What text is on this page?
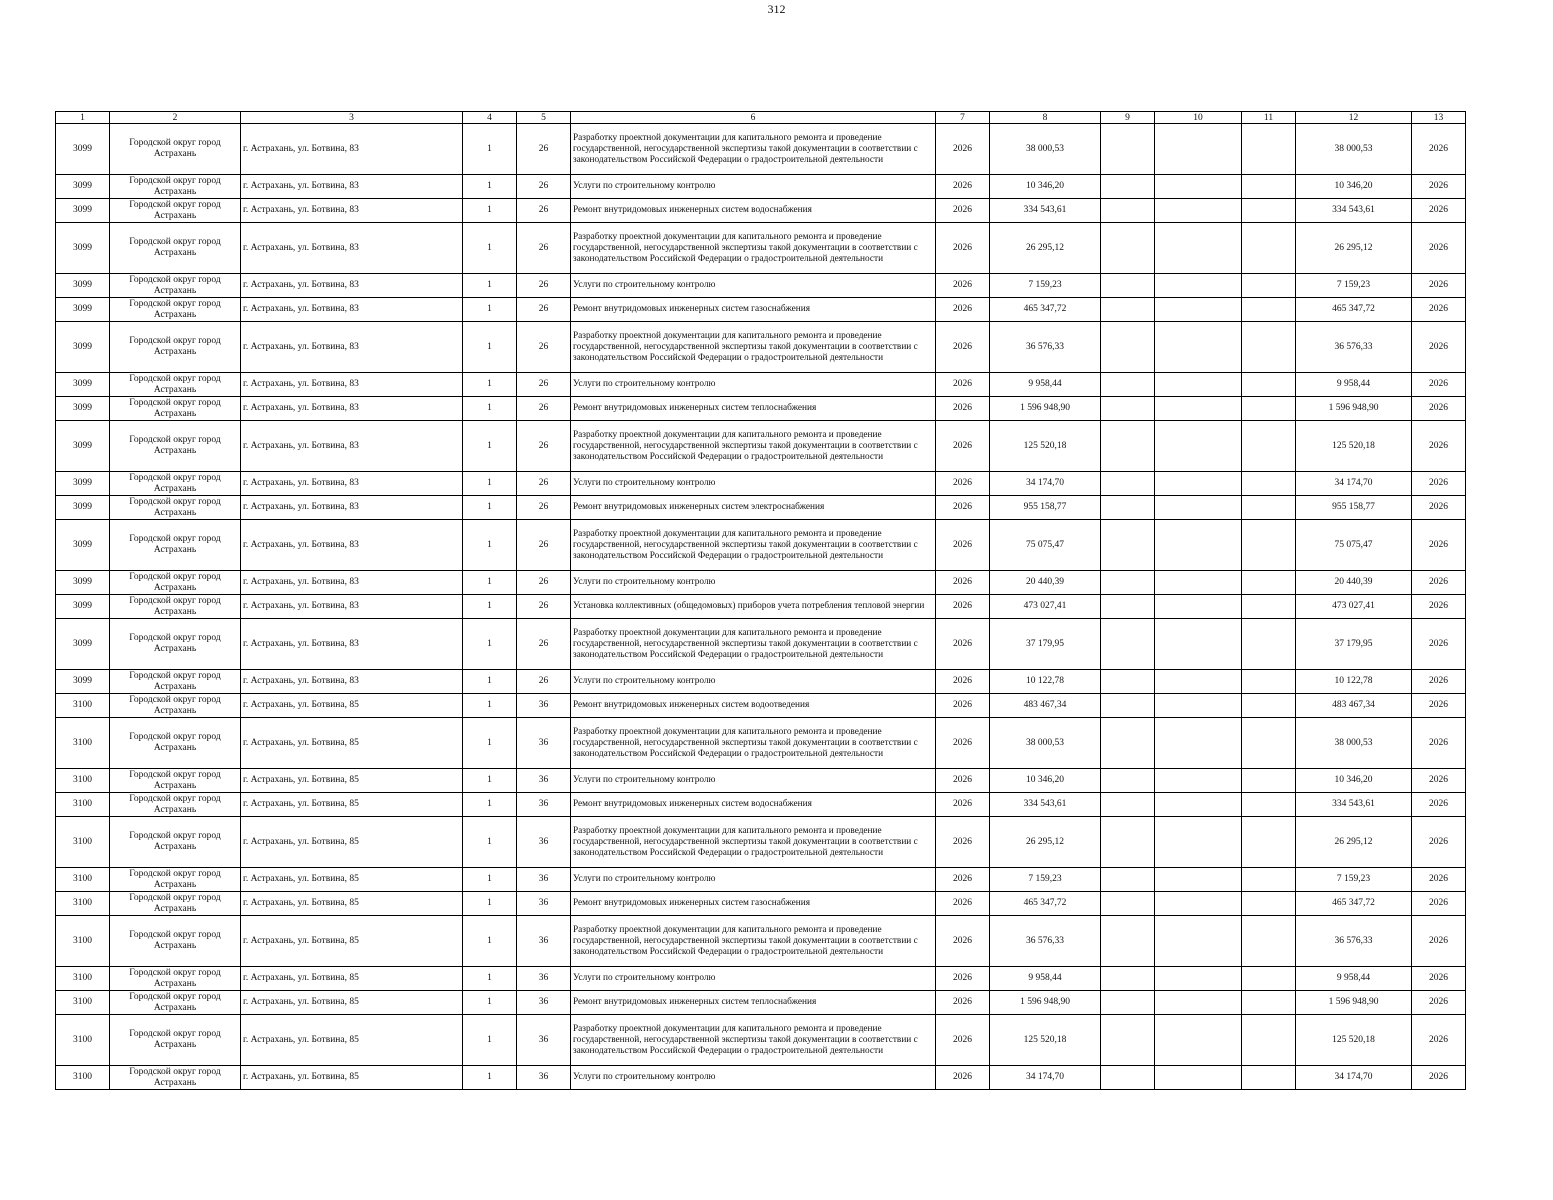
312
1	2	3	4	5	6	7	8	9	10	11	12	13
3099	Городской округ город Астрахань	г. Астрахань, ул. Ботвина, 83	1	26	Разработку проектной документации для капитального ремонта и проведение государственной, негосударственной экспертизы такой документации в соответствии с законодательством Российской Федерации о градостроительной деятельности	2026	38 000,53				38 000,53	2026
3099	Городской округ город Астрахань	г. Астрахань, ул. Ботвина, 83	1	26	Услуги по строительному контролю	2026	10 346,20				10 346,20	2026
3099	Городской округ город Астрахань	г. Астрахань, ул. Ботвина, 83	1	26	Ремонт внутридомовых инженерных систем водоснабжения	2026	334 543,61				334 543,61	2026
3099	Городской округ город Астрахань	г. Астрахань, ул. Ботвина, 83	1	26	Разработку проектной документации для капитального ремонта и проведение государственной, негосударственной экспертизы такой документации в соответствии с законодательством Российской Федерации о градостроительной деятельности	2026	26 295,12				26 295,12	2026
3099	Городской округ город Астрахань	г. Астрахань, ул. Ботвина, 83	1	26	Услуги по строительному контролю	2026	7 159,23				7 159,23	2026
3099	Городской округ город Астрахань	г. Астрахань, ул. Ботвина, 83	1	26	Ремонт внутридомовых инженерных систем газоснабжения	2026	465 347,72				465 347,72	2026
3099	Городской округ город Астрахань	г. Астрахань, ул. Ботвина, 83	1	26	Разработку проектной документации для капитального ремонта и проведение государственной, негосударственной экспертизы такой документации в соответствии с законодательством Российской Федерации о градостроительной деятельности	2026	36 576,33				36 576,33	2026
3099	Городской округ город Астрахань	г. Астрахань, ул. Ботвина, 83	1	26	Услуги по строительному контролю	2026	9 958,44				9 958,44	2026
3099	Городской округ город Астрахань	г. Астрахань, ул. Ботвина, 83	1	26	Ремонт внутридомовых инженерных систем теплоснабжения	2026	1 596 948,90				1 596 948,90	2026
3099	Городской округ город Астрахань	г. Астрахань, ул. Ботвина, 83	1	26	Разработку проектной документации для капитального ремонта и проведение государственной, негосударственной экспертизы такой документации в соответствии с законодательством Российской Федерации о градостроительной деятельности	2026	125 520,18				125 520,18	2026
3099	Городской округ город Астрахань	г. Астрахань, ул. Ботвина, 83	1	26	Услуги по строительному контролю	2026	34 174,70				34 174,70	2026
3099	Городской округ город Астрахань	г. Астрахань, ул. Ботвина, 83	1	26	Ремонт внутридомовых инженерных систем электроснабжения	2026	955 158,77				955 158,77	2026
3099	Городской округ город Астрахань	г. Астрахань, ул. Ботвина, 83	1	26	Разработку проектной документации для капитального ремонта и проведение государственной, негосударственной экспертизы такой документации в соответствии с законодательством Российской Федерации о градостроительной деятельности	2026	75 075,47				75 075,47	2026
3099	Городской округ город Астрахань	г. Астрахань, ул. Ботвина, 83	1	26	Услуги по строительному контролю	2026	20 440,39				20 440,39	2026
3099	Городской округ город Астрахань	г. Астрахань, ул. Ботвина, 83	1	26	Установка коллективных (общедомовых) приборов учета потребления тепловой энергии	2026	473 027,41				473 027,41	2026
3099	Городской округ город Астрахань	г. Астрахань, ул. Ботвина, 83	1	26	Разработку проектной документации для капитального ремонта и проведение государственной, негосударственной экспертизы такой документации в соответствии с законодательством Российской Федерации о градостроительной деятельности	2026	37 179,95				37 179,95	2026
3099	Городской округ город Астрахань	г. Астрахань, ул. Ботвина, 83	1	26	Услуги по строительному контролю	2026	10 122,78				10 122,78	2026
3100	Городской округ город Астрахань	г. Астрахань, ул. Ботвина, 85	1	36	Ремонт внутридомовых инженерных систем водоотведения	2026	483 467,34				483 467,34	2026
3100	Городской округ город Астрахань	г. Астрахань, ул. Ботвина, 85	1	36	Разработку проектной документации для капитального ремонта и проведение государственной, негосударственной экспертизы такой документации в соответствии с законодательством Российской Федерации о градостроительной деятельности	2026	38 000,53				38 000,53	2026
3100	Городской округ город Астрахань	г. Астрахань, ул. Ботвина, 85	1	36	Услуги по строительному контролю	2026	10 346,20				10 346,20	2026
3100	Городской округ город Астрахань	г. Астрахань, ул. Ботвина, 85	1	36	Ремонт внутридомовых инженерных систем водоснабжения	2026	334 543,61				334 543,61	2026
3100	Городской округ город Астрахань	г. Астрахань, ул. Ботвина, 85	1	36	Разработку проектной документации для капитального ремонта и проведение государственной, негосударственной экспертизы такой документации в соответствии с законодательством Российской Федерации о градостроительной деятельности	2026	26 295,12				26 295,12	2026
3100	Городской округ город Астрахань	г. Астрахань, ул. Ботвина, 85	1	36	Услуги по строительному контролю	2026	7 159,23				7 159,23	2026
3100	Городской округ город Астрахань	г. Астрахань, ул. Ботвина, 85	1	36	Ремонт внутридомовых инженерных систем газоснабжения	2026	465 347,72				465 347,72	2026
3100	Городской округ город Астрахань	г. Астрахань, ул. Ботвина, 85	1	36	Разработку проектной документации для капитального ремонта и проведение государственной, негосударственной экспертизы такой документации в соответствии с законодательством Российской Федерации о градостроительной деятельности	2026	36 576,33				36 576,33	2026
3100	Городской округ город Астрахань	г. Астрахань, ул. Ботвина, 85	1	36	Услуги по строительному контролю	2026	9 958,44				9 958,44	2026
3100	Городской округ город Астрахань	г. Астрахань, ул. Ботвина, 85	1	36	Ремонт внутридомовых инженерных систем теплоснабжения	2026	1 596 948,90				1 596 948,90	2026
3100	Городской округ город Астрахань	г. Астрахань, ул. Ботвина, 85	1	36	Разработку проектной документации для капитального ремонта и проведение государственной, негосударственной экспертизы такой документации в соответствии с законодательством Российской Федерации о градостроительной деятельности	2026	125 520,18				125 520,18	2026
3100	Городской округ город Астрахань	г. Астрахань, ул. Ботвина, 85	1	36	Услуги по строительному контролю	2026	34 174,70				34 174,70	2026
